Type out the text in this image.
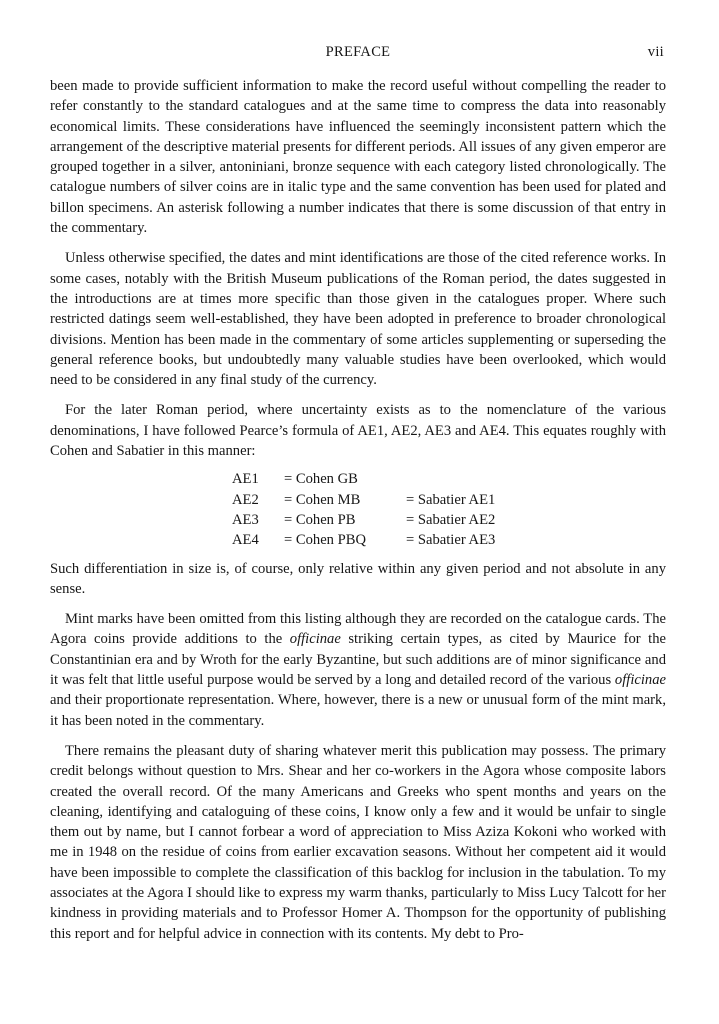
PREFACE	vii

been made to provide sufficient information to make the record useful without compelling the reader to refer constantly to the standard catalogues and at the same time to compress the data into reasonably economical limits. These considerations have influenced the seemingly inconsistent pattern which the arrangement of the descriptive material presents for different periods. All issues of any given emperor are grouped together in a silver, antoniniani, bronze sequence with each category listed chronologically. The catalogue numbers of silver coins are in italic type and the same convention has been used for plated and billon specimens. An asterisk following a number indicates that there is some discussion of that entry in the commentary.

Unless otherwise specified, the dates and mint identifications are those of the cited reference works. In some cases, notably with the British Museum publications of the Roman period, the dates suggested in the introductions are at times more specific than those given in the catalogues proper. Where such restricted datings seem well-established, they have been adopted in preference to broader chronological divisions. Mention has been made in the commentary of some articles supplementing or superseding the general reference books, but undoubtedly many valuable studies have been overlooked, which would need to be considered in any final study of the currency.

For the later Roman period, where uncertainty exists as to the nomenclature of the various denominations, I have followed Pearce’s formula of AE1, AE2, AE3 and AE4. This equates roughly with Cohen and Sabatier in this manner:

AE1	= Cohen GB	
AE2	= Cohen MB	= Sabatier AE1
AE3	= Cohen PB	= Sabatier AE2
AE4	= Cohen PBQ	= Sabatier AE3

Such differentiation in size is, of course, only relative within any given period and not absolute in any sense.

Mint marks have been omitted from this listing although they are recorded on the catalogue cards. The Agora coins provide additions to the officinae striking certain types, as cited by Maurice for the Constantinian era and by Wroth for the early Byzantine, but such additions are of minor significance and it was felt that little useful purpose would be served by a long and detailed record of the various officinae and their proportionate representation. Where, however, there is a new or unusual form of the mint mark, it has been noted in the commentary.

There remains the pleasant duty of sharing whatever merit this publication may possess. The primary credit belongs without question to Mrs. Shear and her co-workers in the Agora whose composite labors created the overall record. Of the many Americans and Greeks who spent months and years on the cleaning, identifying and cataloguing of these coins, I know only a few and it would be unfair to single them out by name, but I cannot forbear a word of appreciation to Miss Aziza Kokoni who worked with me in 1948 on the residue of coins from earlier excavation seasons. Without her competent aid it would have been impossible to complete the classification of this backlog for inclusion in the tabulation. To my associates at the Agora I should like to express my warm thanks, particularly to Miss Lucy Talcott for her kindness in providing materials and to Professor Homer A. Thompson for the opportunity of publishing this report and for helpful advice in connection with its contents. My debt to Pro-
